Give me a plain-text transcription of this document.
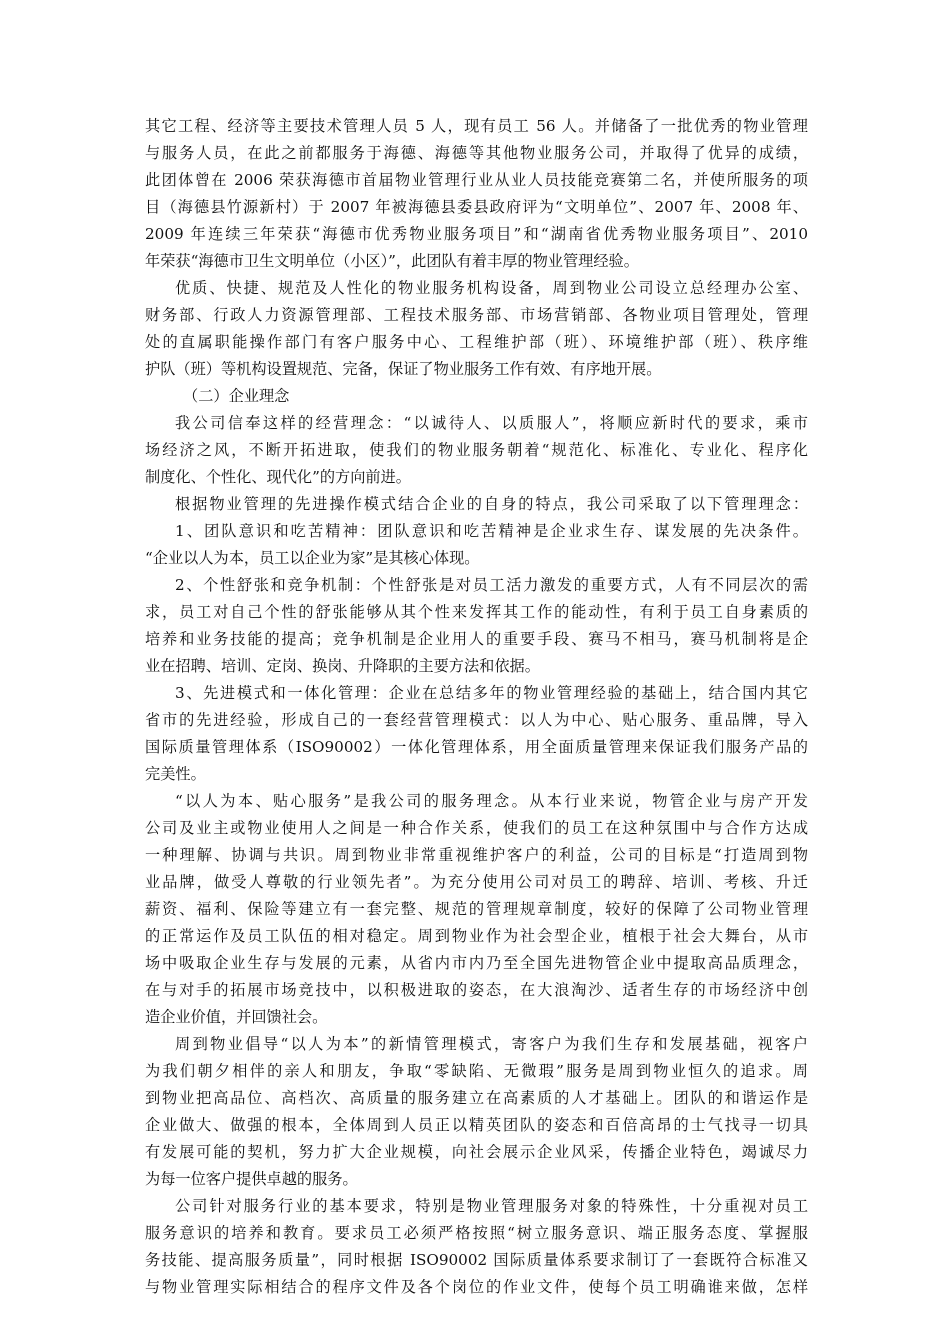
其它工程、经济等主要技术管理人员 5 人，现有员工 56 人。并储备了一批优秀的物业管理
与服务人员，在此之前都服务于海德、海德等其他物业服务公司，并取得了优异的成绩，
此团体曾在 2006 荣获海德市首届物业管理行业从业人员技能竞赛第二名，并使所服务的项
目（海德县竹源新村）于 2007 年被海德县委县政府评为“文明单位”、2007 年、2008 年、
2009 年连续三年荣获“海德市优秀物业服务项目”和“湖南省优秀物业服务项目”、2010
年荣获“海德市卫生文明单位（小区）”，此团队有着丰厚的物业管理经验。
优质、快捷、规范及人性化的物业服务机构设备，周到物业公司设立总经理办公室、
财务部、行政人力资源管理部、工程技术服务部、市场营销部、各物业项目管理处，管理
处的直属职能操作部门有客户服务中心、工程维护部（班）、环境维护部（班）、秩序维
护队（班）等机构设置规范、完备，保证了物业服务工作有效、有序地开展。
（二）企业理念
我公司信奉这样的经营理念：“以诚待人、以质服人”，将顺应新时代的要求，乘市
场经济之风，不断开拓进取，使我们的物业服务朝着“规范化、标准化、专业化、程序化
制度化、个性化、现代化”的方向前进。
根据物业管理的先进操作模式结合企业的自身的特点，我公司采取了以下管理理念：
1、团队意识和吃苦精神：团队意识和吃苦精神是企业求生存、谋发展的先决条件。
“企业以人为本，员工以企业为家”是其核心体现。
2、个性舒张和竞争机制：个性舒张是对员工活力激发的重要方式，人有不同层次的需
求，员工对自己个性的舒张能够从其个性来发挥其工作的能动性，有利于员工自身素质的
培养和业务技能的提高；竞争机制是企业用人的重要手段、赛马不相马，赛马机制将是企
业在招聘、培训、定岗、换岗、升降职的主要方法和依据。
3、先进模式和一体化管理：企业在总结多年的物业管理经验的基础上，结合国内其它
省市的先进经验，形成自己的一套经营管理模式：以人为中心、贴心服务、重品牌，导入
国际质量管理体系（ISO90002）一体化管理体系，用全面质量管理来保证我们服务产品的
完美性。
“以人为本、贴心服务”是我公司的服务理念。从本行业来说，物管企业与房产开发
公司及业主或物业使用人之间是一种合作关系，使我们的员工在这种氛围中与合作方达成
一种理解、协调与共识。周到物业非常重视维护客户的利益，公司的目标是“打造周到物
业品牌，做受人尊敬的行业领先者”。为充分使用公司对员工的聘辞、培训、考核、升迁
薪资、福利、保险等建立有一套完整、规范的管理规章制度，较好的保障了公司物业管理
的正常运作及员工队伍的相对稳定。周到物业作为社会型企业，植根于社会大舞台，从市
场中吸取企业生存与发展的元素，从省内市内乃至全国先进物管企业中提取高品质理念，
在与对手的拓展市场竞技中，以积极进取的姿态，在大浪淘沙、适者生存的市场经济中创
造企业价值，并回馈社会。
周到物业倡导“以人为本”的新情管理模式，寄客户为我们生存和发展基础，视客户
为我们朝夕相伴的亲人和朋友，争取“零缺陷、无微瑕”服务是周到物业恒久的追求。周
到物业把高品位、高档次、高质量的服务建立在高素质的人才基础上。团队的和谐运作是
企业做大、做强的根本，全体周到人员正以精英团队的姿态和百倍高昂的士气找寻一切具
有发展可能的契机，努力扩大企业规模，向社会展示企业风采，传播企业特色，竭诚尽力
为每一位客户提供卓越的服务。
公司针对服务行业的基本要求，特别是物业管理服务对象的特殊性，十分重视对员工
服务意识的培养和教育。要求员工必须严格按照“树立服务意识、端正服务态度、掌握服
务技能、提高服务质量”，同时根据 ISO90002 国际质量体系要求制订了一套既符合标准又
与物业管理实际相结合的程序文件及各个岗位的作业文件，使每个员工明确谁来做，怎样
